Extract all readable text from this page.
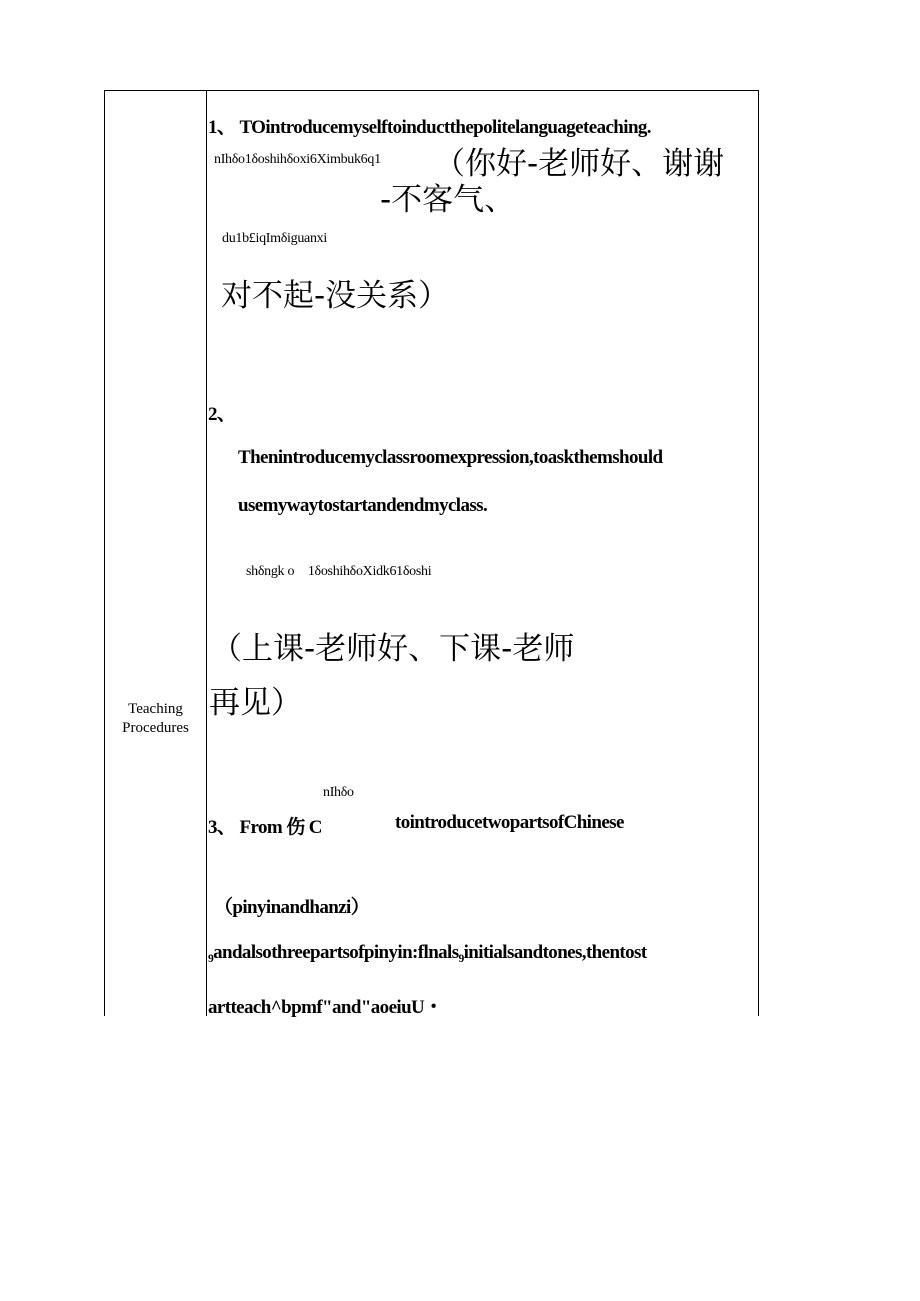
Teaching
Procedures
1、 TOintroducemyselftoinductthepolitelanguageteaching.
nIhδo1δoshihδoxi6Ximbuk6q1 （你好-老师好、谢谢
-不客气、
du1b£iqImδiguanxi
对不起-没关系）
2、
Thenintroducemyclassroomexpression,toaskthemshould
usemywaytostartandendmyclass.
shδngk o　1δoshihδoXidk61δoshi
（上课-老师好、下课-老师
再见）
nIhδo
3、 From 伤 C	tointroducetwopartsofChinese
（pinyinandhanzi）
₉andalsothreepartsofpinyin:flnals₉initialsandtones,thentost
artteach^bpmf"and"aoeiuU・
